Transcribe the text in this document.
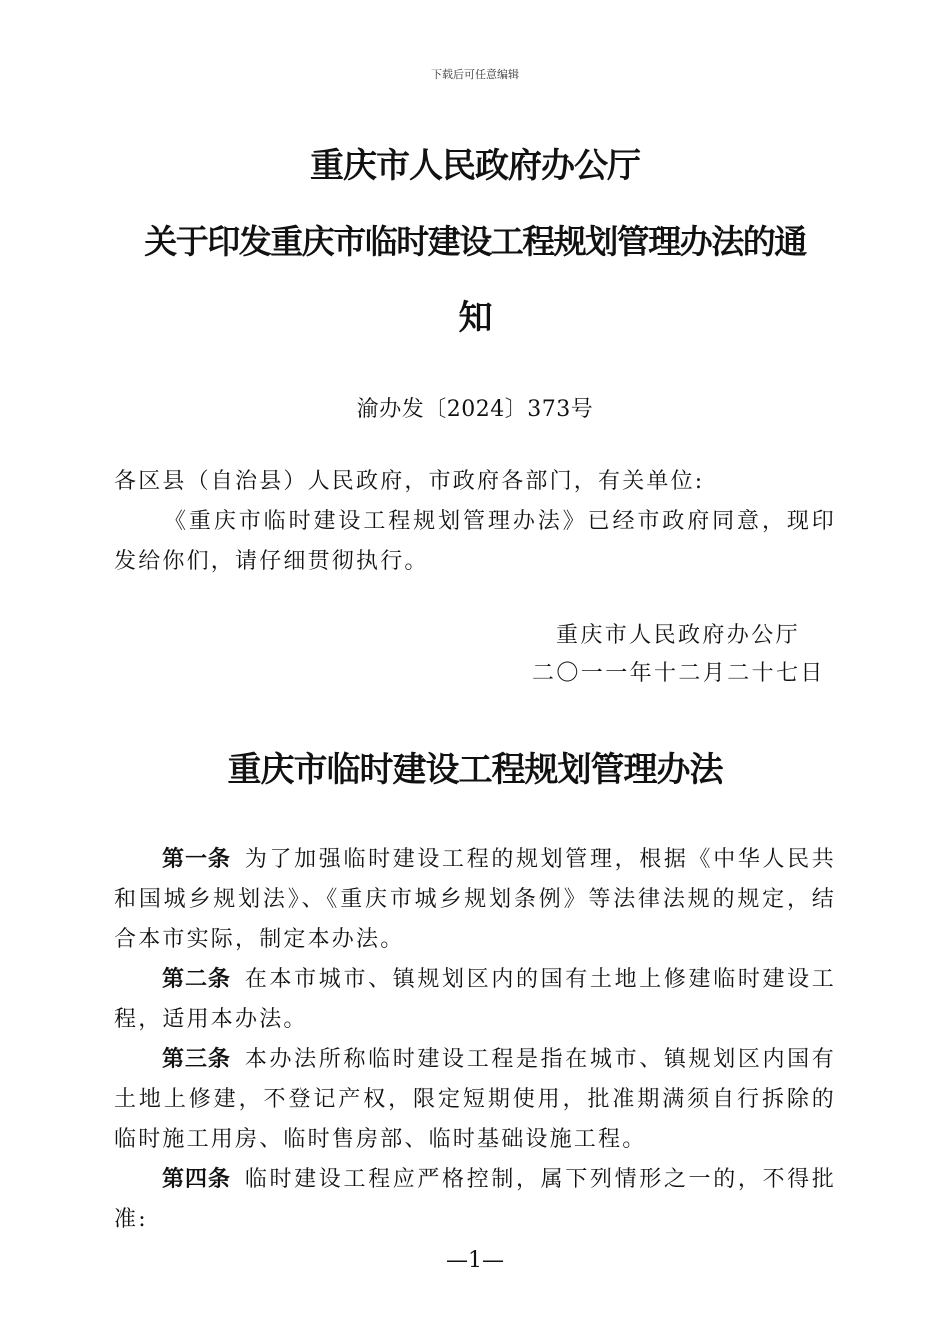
下载后可任意编辑
重庆市人民政府办公厅
关于印发重庆市临时建设工程规划管理办法的通
知
渝办发〔2024〕373号
各区县（自治县）人民政府，市政府各部门，有关单位:
《重庆市临时建设工程规划管理办法》已经市政府同意，现印发给你们，请仔细贯彻执行。
重庆市人民政府办公厅
二〇一一年十二月二十七日
重庆市临时建设工程规划管理办法

第一条 为了加强临时建设工程的规划管理，根据《中华人民共和国城乡规划法》、《重庆市城乡规划条例》等法律法规的规定，结合本市实际，制定本办法。

第二条 在本市城市、镇规划区内的国有土地上修建临时建设工程，适用本办法。

第三条 本办法所称临时建设工程是指在城市、镇规划区内国有土地上修建，不登记产权，限定短期使用，批准期满须自行拆除的临时施工用房、临时售房部、临时基础设施工程。

第四条 临时建设工程应严格控制，属下列情形之一的，不得批准:

—1—
